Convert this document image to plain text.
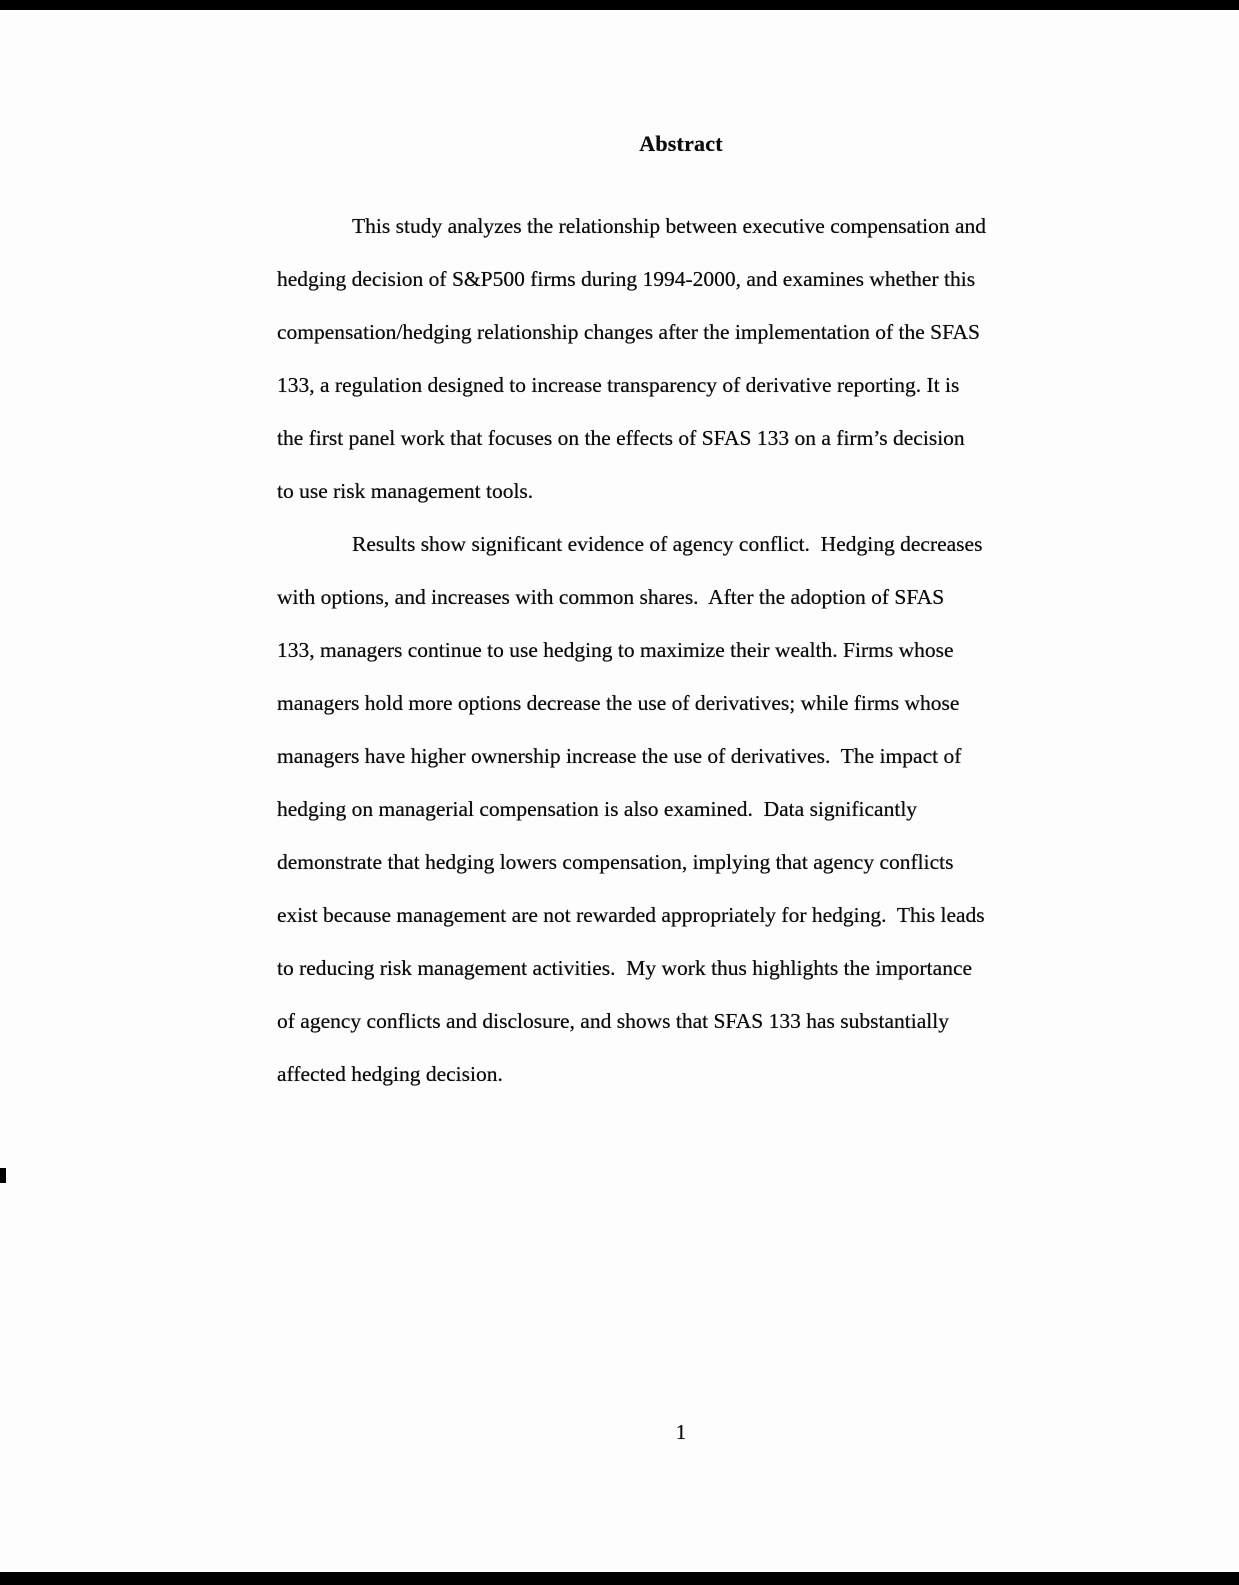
Abstract
This study analyzes the relationship between executive compensation and
hedging decision of S&P500 firms during 1994-2000, and examines whether this
compensation/hedging relationship changes after the implementation of the SFAS
133, a regulation designed to increase transparency of derivative reporting. It is
the first panel work that focuses on the effects of SFAS 133 on a firm’s decision
to use risk management tools.
Results show significant evidence of agency conflict.  Hedging decreases
with options, and increases with common shares.  After the adoption of SFAS
133, managers continue to use hedging to maximize their wealth. Firms whose
managers hold more options decrease the use of derivatives; while firms whose
managers have higher ownership increase the use of derivatives.  The impact of
hedging on managerial compensation is also examined.  Data significantly
demonstrate that hedging lowers compensation, implying that agency conflicts
exist because management are not rewarded appropriately for hedging.  This leads
to reducing risk management activities.  My work thus highlights the importance
of agency conflicts and disclosure, and shows that SFAS 133 has substantially
affected hedging decision.
1
